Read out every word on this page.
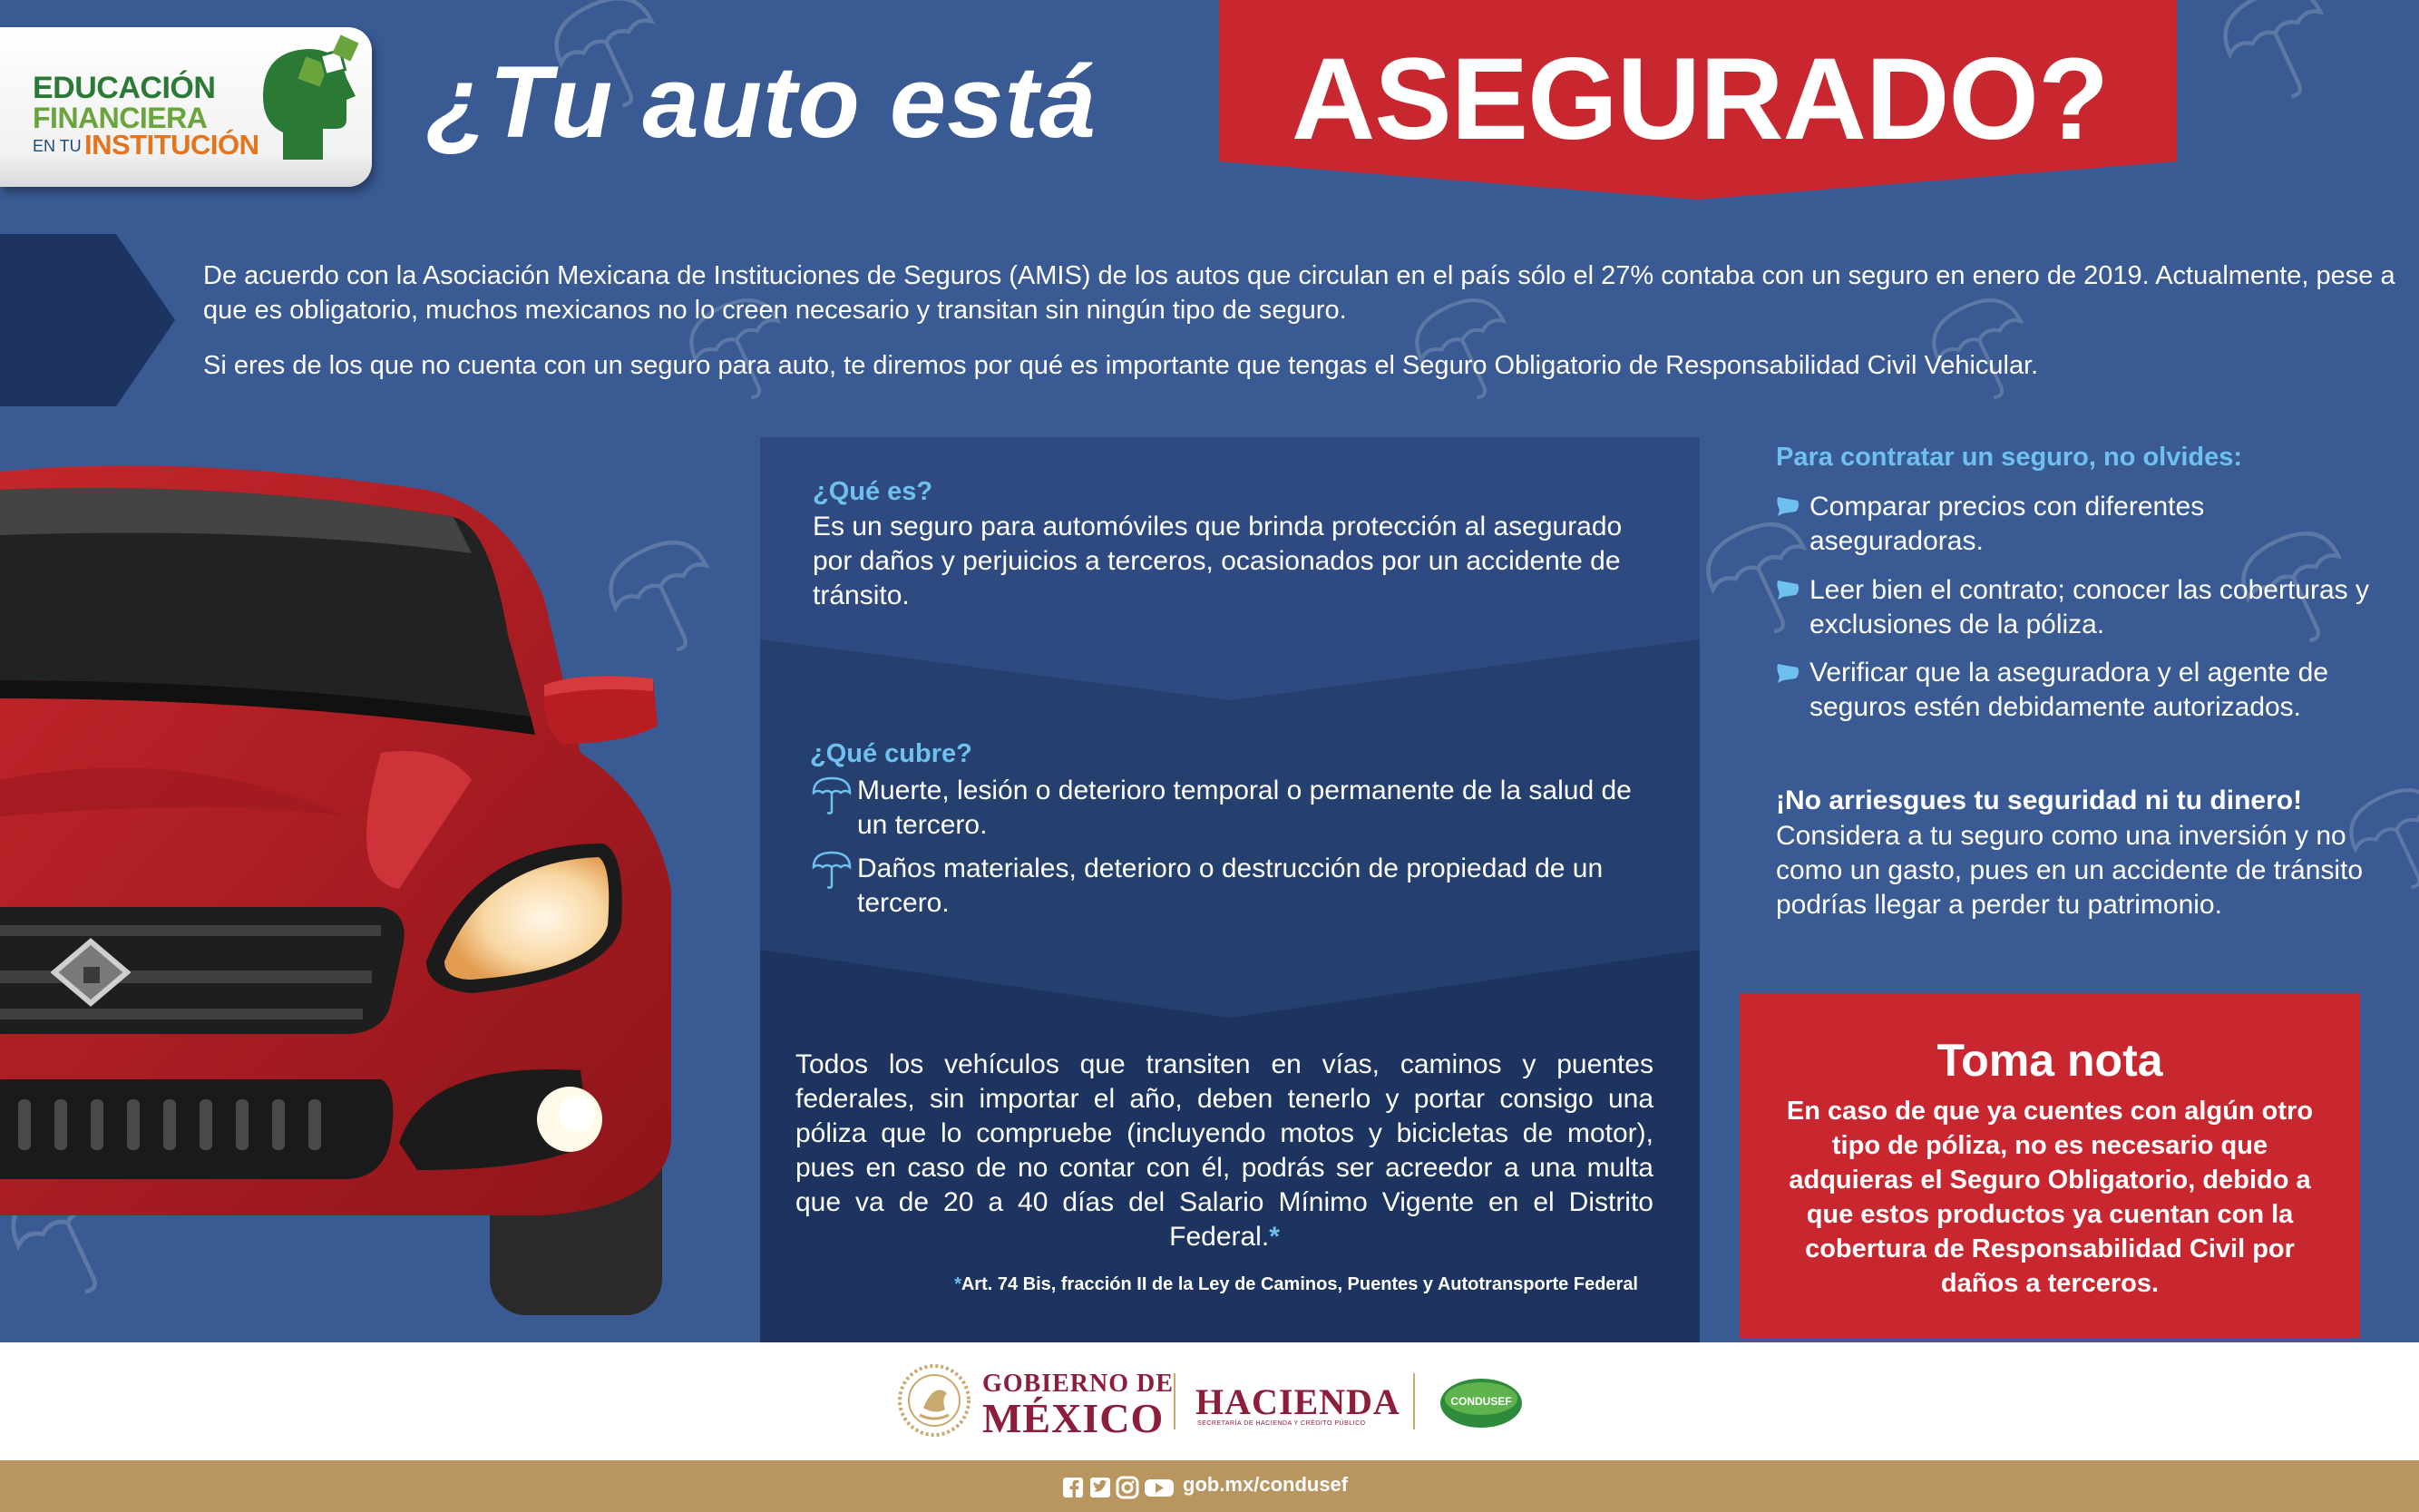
EDUCACIÓN
FINANCIERA
EN TU INSTITUCIÓN ¿Tu auto está	ASEGURADO?
De acuerdo con la Asociación Mexicana de Instituciones de Seguros (AMIS) de los autos que circulan en el país sólo el 27% contaba con un seguro en enero de 2019. Actualmente, pese a que es obligatorio, muchos mexicanos no lo creen necesario y transitan sin ningún tipo de seguro.
Si eres de los que no cuenta con un seguro para auto, te diremos por qué es importante que tengas el Seguro Obligatorio de Responsabilidad Civil Vehicular.
¿Qué es?
Es un seguro para automóviles que brinda protección al asegurado por daños y perjuicios a terceros, ocasionados por un accidente de tránsito.
¿Qué cubre?
Muerte, lesión o deterioro temporal o permanente de la salud de un tercero.
Daños materiales, deterioro o destrucción de propiedad de un tercero.
Todos los vehículos que transiten en vías, caminos y puentes federales, sin importar el año, deben tenerlo y portar consigo una póliza que lo compruebe (incluyendo motos y bicicletas de motor), pues en caso de no contar con él, podrás ser acreedor a una multa que va de 20 a 40 días del Salario Mínimo Vigente en el Distrito Federal.*
*Art. 74 Bis, fracción II de la Ley de Caminos, Puentes y Autotransporte Federal
Para contratar un seguro, no olvides:
Comparar precios con diferentes aseguradoras.
Leer bien el contrato; conocer las coberturas y exclusiones de la póliza.
Verificar que la aseguradora y el agente de seguros estén debidamente autorizados.
¡No arriesgues tu seguridad ni tu dinero!
Considera a tu seguro como una inversión y no como un gasto, pues en un accidente de tránsito podrías llegar a perder tu patrimonio.
Toma nota
En caso de que ya cuentes con algún otro tipo de póliza, no es necesario que adquieras el Seguro Obligatorio, debido a que estos productos ya cuentan con la cobertura de Responsabilidad Civil por daños a terceros.
GOBIERNO DE
MÉXICO HACIENDA
SECRETARÍA DE HACIENDA Y CRÉDITO PÚBLICO
CONDUSEF
gob.mx/condusef
